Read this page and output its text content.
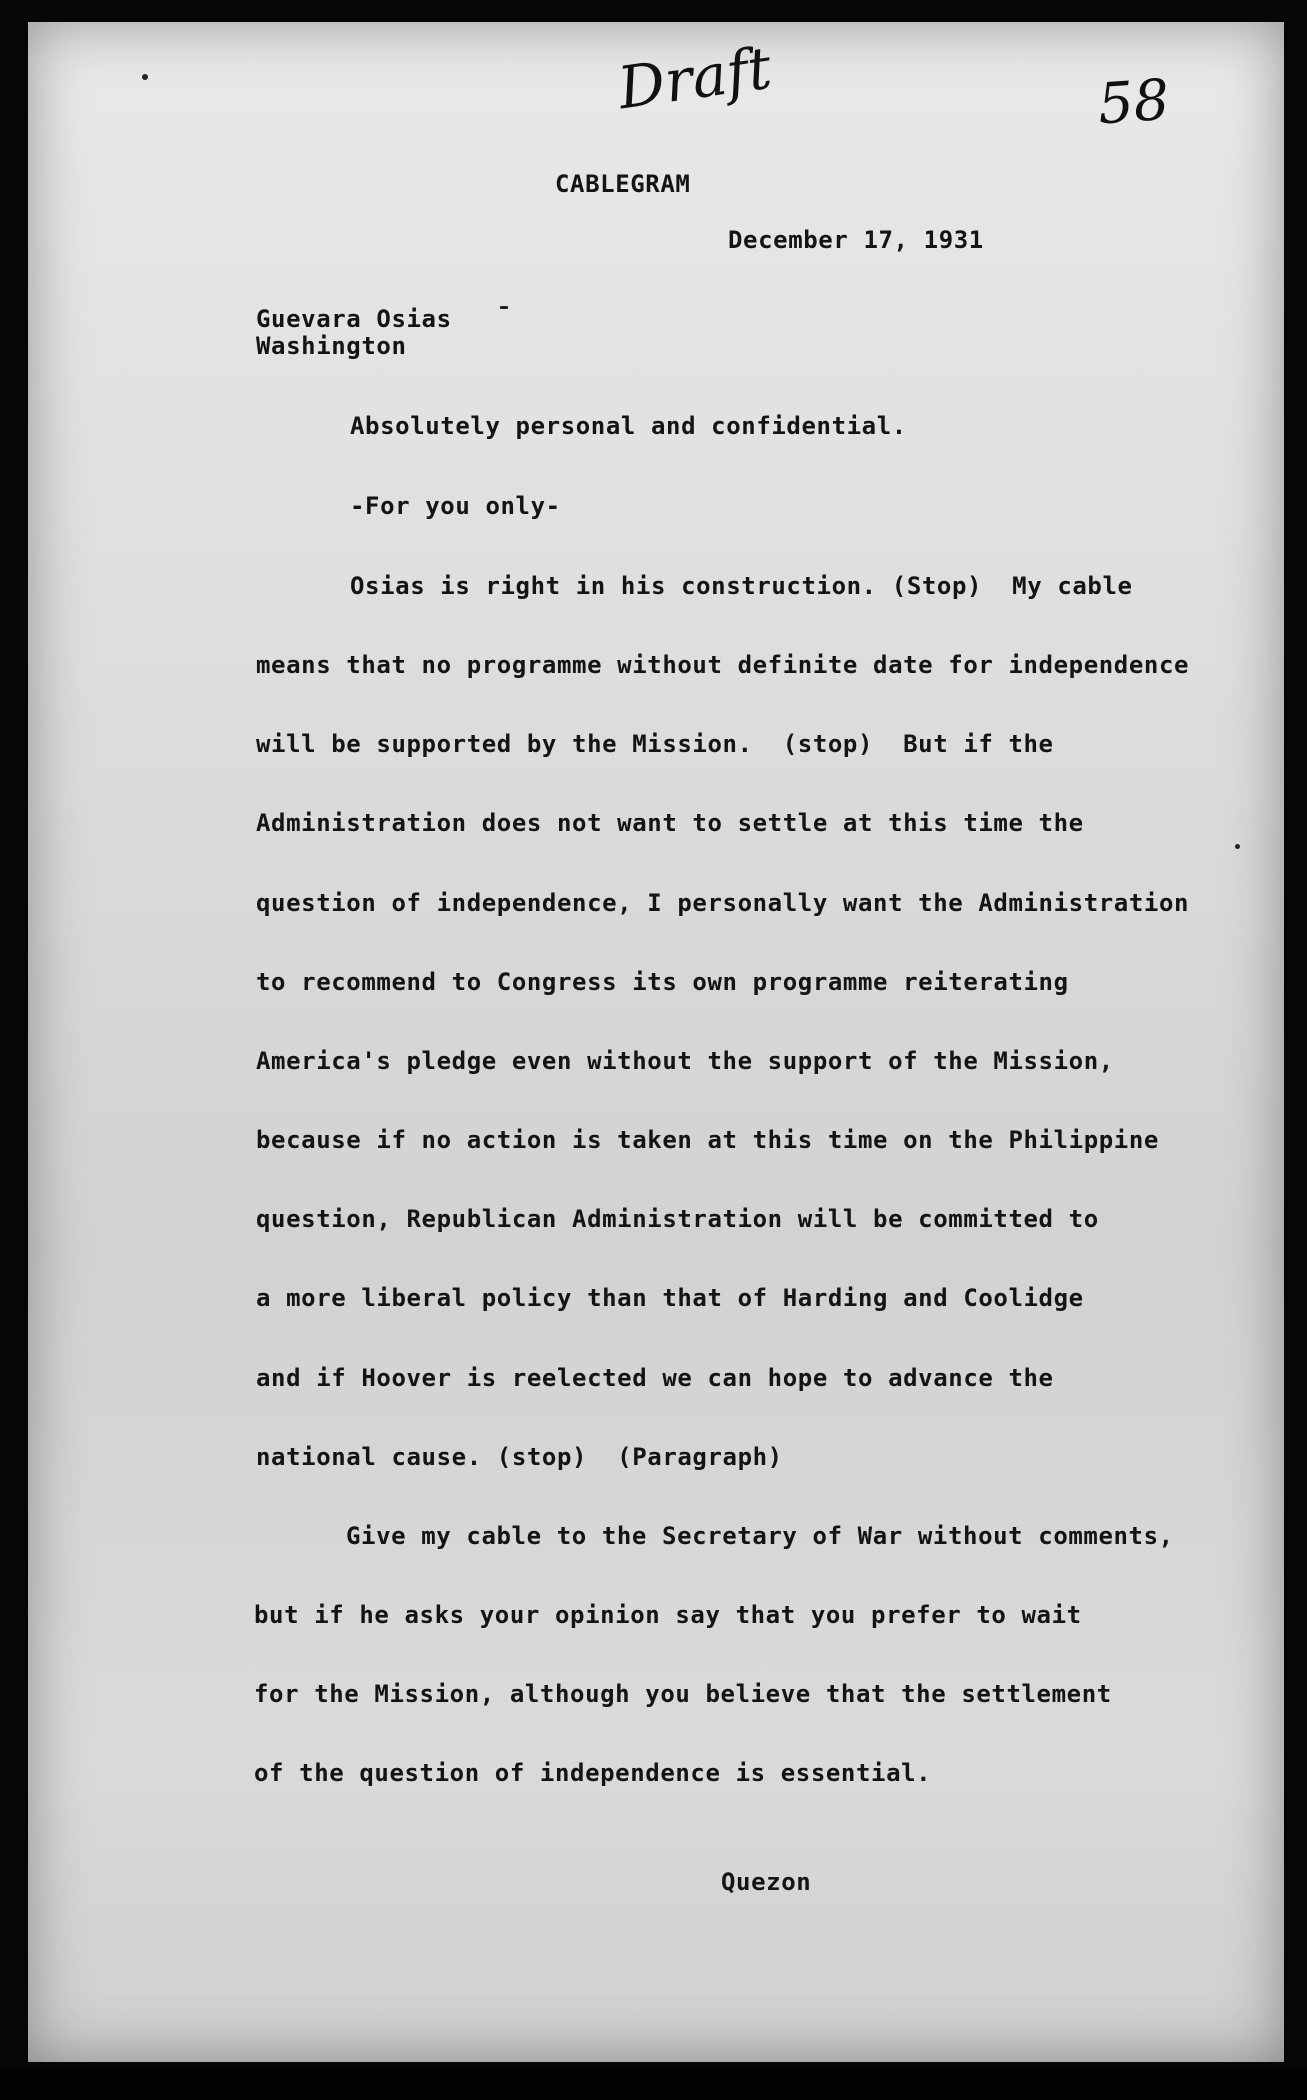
Draft	58
CABLEGRAM
December 17, 1931
Guevara Osias
Washington
Absolutely personal and confidential.
-For you only-
Osias is right in his construction. (Stop)  My cable
means that no programme without definite date for independence
will be supported by the Mission.  (stop)  But if the
Administration does not want to settle at this time the
question of independence, I personally want the Administration
to recommend to Congress its own programme reiterating
America's pledge even without the support of the Mission,
because if no action is taken at this time on the Philippine
question, Republican Administration will be committed to
a more liberal policy than that of Harding and Coolidge
and if Hoover is reelected we can hope to advance the
national cause. (stop)  (Paragraph)
Give my cable to the Secretary of War without comments,
but if he asks your opinion say that you prefer to wait
for the Mission, although you believe that the settlement
of the question of independence is essential.
Quezon
